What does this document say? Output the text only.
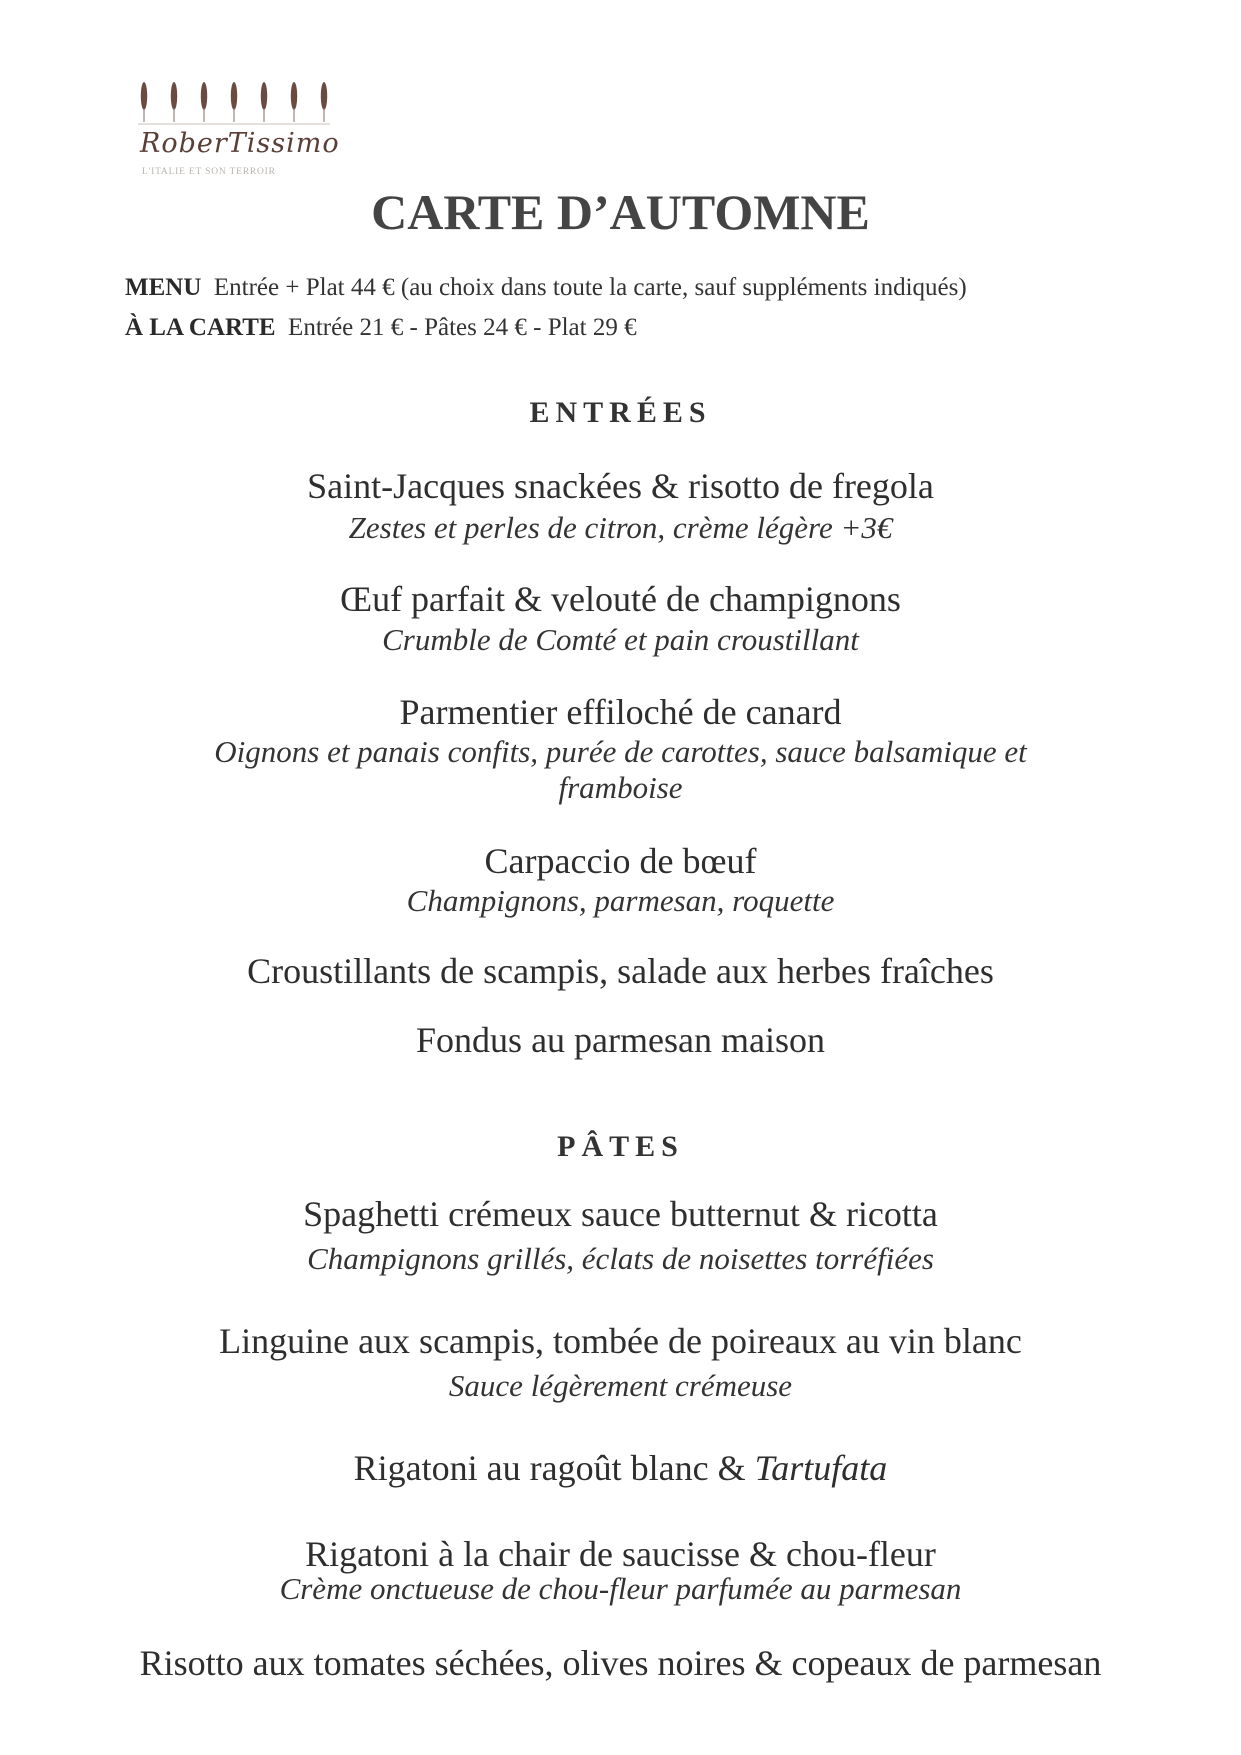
RoberTissimo
L'ITALIE ET SON TERROIR
CARTE D’AUTOMNE
MENU Entrée + Plat 44 € (au choix dans toute la carte, sauf suppléments indiqués)
À LA CARTE Entrée 21 € - Pâtes 24 € - Plat 29 €
ENTRÉES
Saint-Jacques snackées & risotto de fregola
Zestes et perles de citron, crème légère +3€
Œuf parfait & velouté de champignons
Crumble de Comté et pain croustillant
Parmentier effiloché de canard
Oignons et panais confits, purée de carottes, sauce balsamique et framboise
Carpaccio de bœuf
Champignons, parmesan, roquette
Croustillants de scampis, salade aux herbes fraîches
Fondus au parmesan maison
PÂTES
Spaghetti crémeux sauce butternut & ricotta
Champignons grillés, éclats de noisettes torréfiées
Linguine aux scampis, tombée de poireaux au vin blanc
Sauce légèrement crémeuse
Rigatoni au ragoût blanc & Tartufata
Rigatoni à la chair de saucisse & chou-fleur
Crème onctueuse de chou-fleur parfumée au parmesan
Risotto aux tomates séchées, olives noires & copeaux de parmesan
